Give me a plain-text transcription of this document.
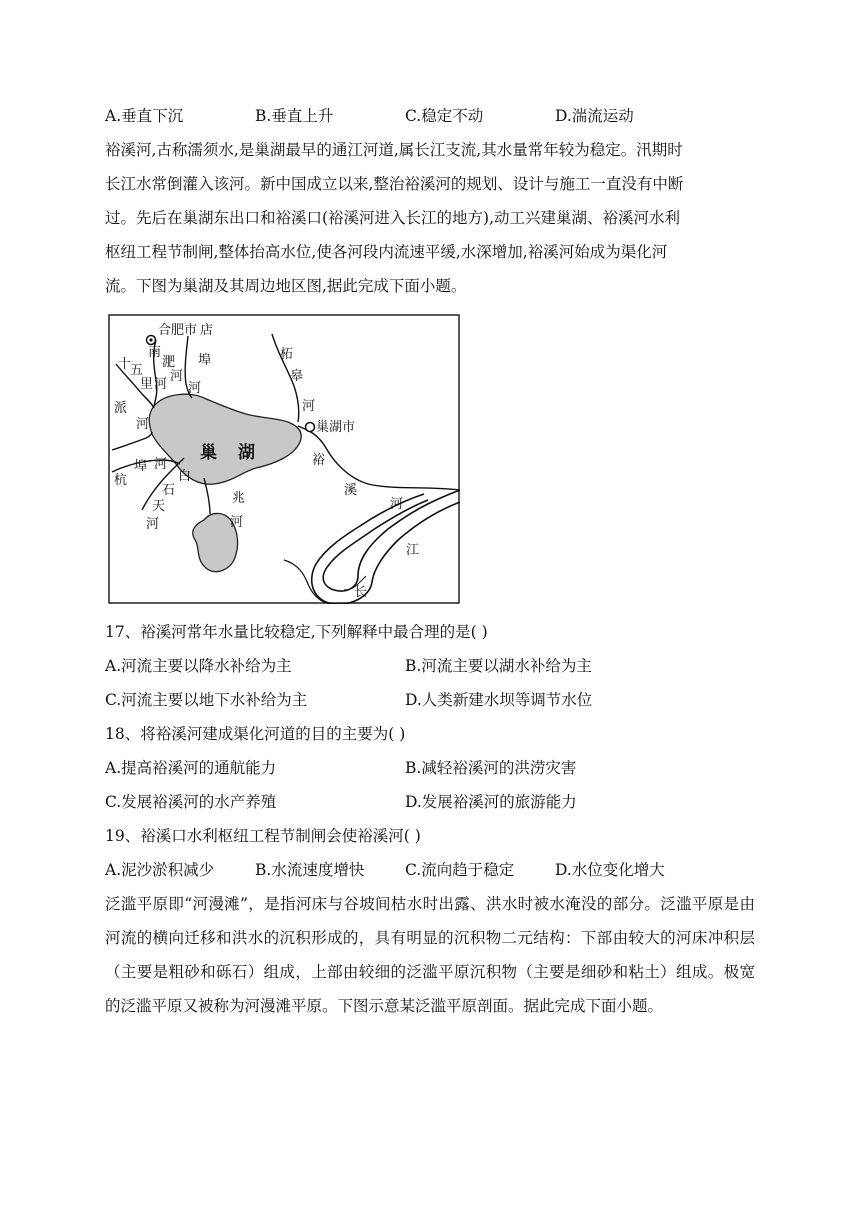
A.垂直下沉	B.垂直上升	C.稳定不动	D.湍流运动
裕溪河,古称濡须水,是巢湖最早的通江河道,属长江支流,其水量常年较为稳定。汛期时
长江水常倒灌入该河。新中国成立以来,整治裕溪河的规划、设计与施工一直没有中断
过。先后在巢湖东出口和裕溪口(裕溪河进入长江的地方),动工兴建巢湖、裕溪河水利
枢纽工程节制闸,整体抬高水位,使各河段内流速平缓,水深增加,裕溪河始成为渠化河
流。下图为巢湖及其周边地区图,据此完成下面小题。
合肥市
巢湖市
巢 湖
南
淝
河
十
五
里 河
店
埠
河
派
河
柘
皋
河
杭
埠 河
白
石
天
河
兆
河
裕
溪
河
江
长
17、裕溪河常年水量比较稳定,下列解释中最合理的是( )
A.河流主要以降水补给为主	B.河流主要以湖水补给为主
C.河流主要以地下水补给为主	D.人类新建水坝等调节水位
18、将裕溪河建成渠化河道的目的主要为( )
A.提高裕溪河的通航能力	B.减轻裕溪河的洪涝灾害
C.发展裕溪河的水产养殖	D.发展裕溪河的旅游能力
19、裕溪口水利枢纽工程节制闸会使裕溪河( )
A.泥沙淤积减少	B.水流速度增快	C.流向趋于稳定	D.水位变化增大

泛滥平原即“河漫滩”，是指河床与谷坡间枯水时出露、洪水时被水淹没的部分。泛滥平原是由河流的横向迁移和洪水的沉积形成的，具有明显的沉积物二元结构：下部由较大的河床冲积层（主要是粗砂和砾石）组成，上部由较细的泛滥平原沉积物（主要是细砂和粘土）组成。极宽的泛滥平原又被称为河漫滩平原。下图示意某泛滥平原剖面。据此完成下面小题。
